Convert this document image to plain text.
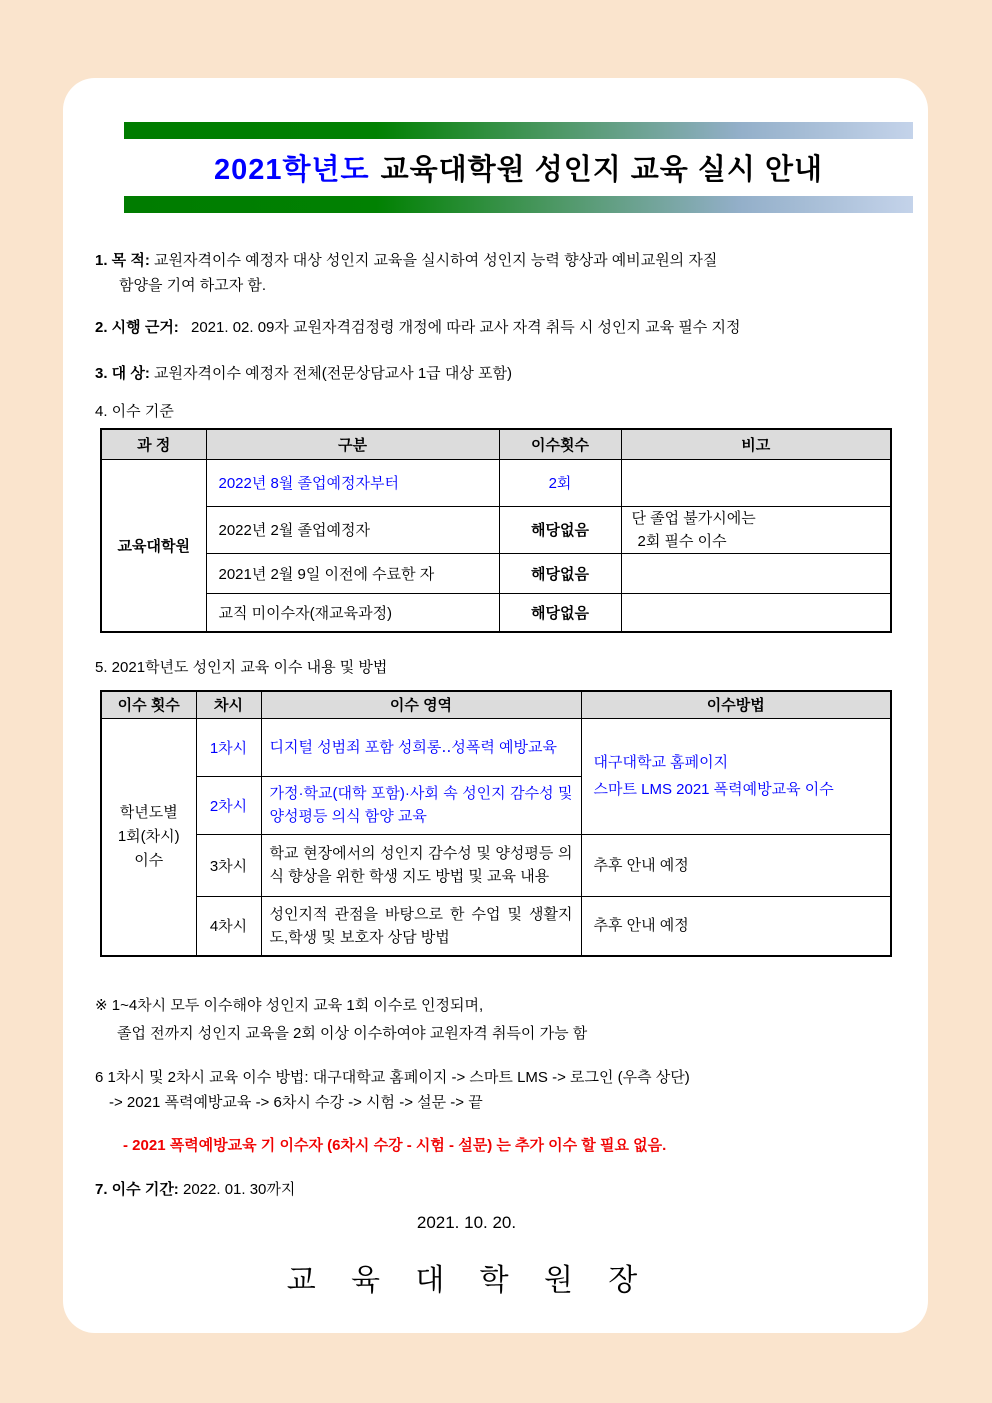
2021학년도 교육대학원 성인지 교육 실시 안내

1. 목 적: 교원자격이수 예정자 대상 성인지 교육을 실시하여 성인지 능력 향상과 예비교원의 자질
함양을 기여 하고자 함.

2. 시행 근거: 2021. 02. 09자 교원자격검정령 개정에 따라 교사 자격 취득 시 성인지 교육 필수 지정

3. 대 상: 교원자격이수 예정자 전체(전문상담교사 1급 대상 포함)

4. 이수 기준

과 정	구분	이수횟수	비고
교육대학원	2022년 8월 졸업예정자부터	2회	
	2022년 2월 졸업예정자	해당없음	단 졸업 불가시에는
2회 필수 이수
	2021년 2월 9일 이전에 수료한 자	해당없음	
	교직 미이수자(재교육과정)	해당없음	

5. 2021학년도 성인지 교육 이수 내용 및 방법

이수 횟수	차시	이수 영역	이수방법
학년도별
1회(차시)
이수	1차시	디지털 성범죄 포함 성희롱‥성폭력 예방교육	대구대학교 홈페이지
스마트 LMS 2021 폭력예방교육 이수
	2차시	가정·학교(대학 포함)·사회 속 성인지 감수성 및 양성평등 의식 함양 교육	
	3차시	학교 현장에서의 성인지 감수성 및 양성평등 의식 향상을 위한 학생 지도 방법 및 교육 내용	추후 안내 예정
	4차시	성인지적 관점을 바탕으로 한 수업 및 생활지도,학생 및 보호자 상담 방법	추후 안내 예정

※ 1~4차시 모두 이수해야 성인지 교육 1회 이수로 인정되며,
졸업 전까지 성인지 교육을 2회 이상 이수하여야 교원자격 취득이 가능 함

6 1차시 및 2차시 교육 이수 방법: 대구대학교 홈페이지 -> 스마트 LMS -> 로그인 (우측 상단)
-> 2021 폭력예방교육 -> 6차시 수강 -> 시험 -> 설문 -> 끝

- 2021 폭력예방교육 기 이수자 (6차시 수강 - 시험 - 설문) 는 추가 이수 할 필요 없음.

7. 이수 기간: 2022. 01. 30까지

2021. 10. 20.

교 육 대 학 원 장
